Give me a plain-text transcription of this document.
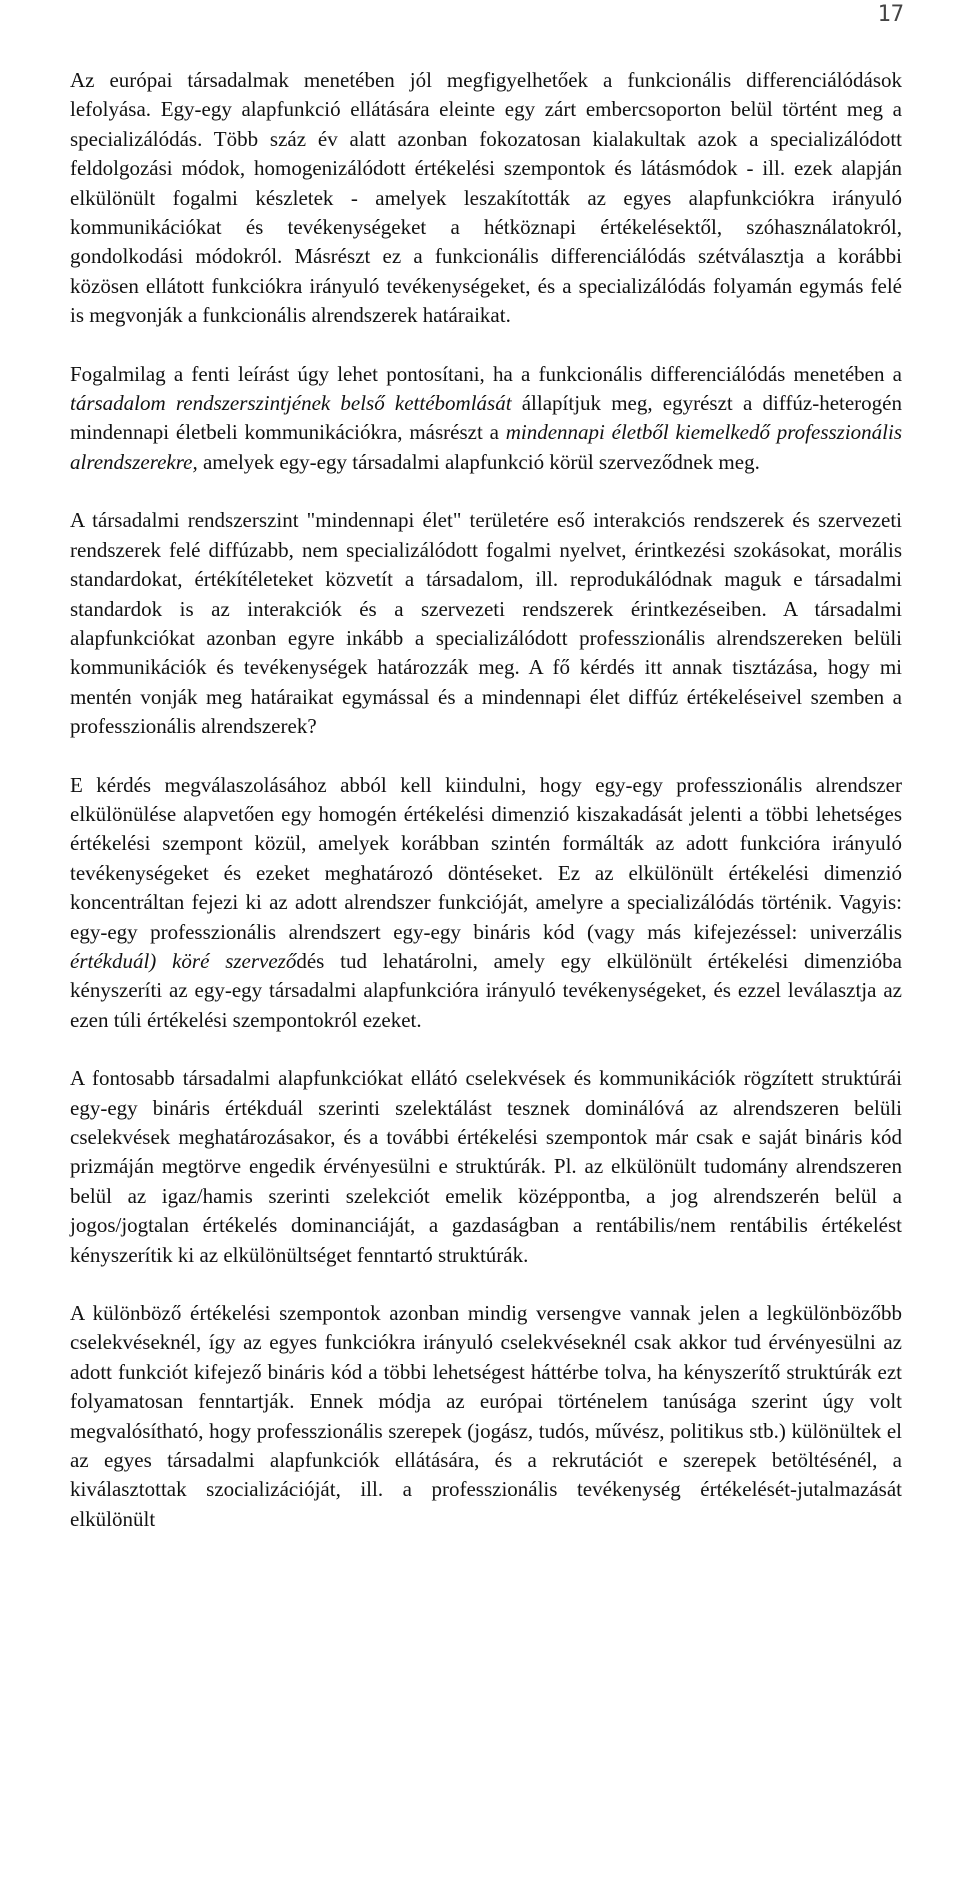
17

Az európai társadalmak menetében jól megfigyelhetőek a funkcionális differenciálódások lefolyása. Egy-egy alapfunkció ellátására eleinte egy zárt embercsoporton belül történt meg a specializálódás. Több száz év alatt azonban fokozatosan kialakultak azok a specializálódott feldolgozási módok, homogenizálódott értékelési szempontok és látásmódok - ill. ezek alapján elkülönült fogalmi készletek - amelyek leszakították az egyes alapfunkciókra irányuló kommunikációkat és tevékenységeket a hétköznapi értékelésektől, szóhasználatokról, gondolkodási módokról. Másrészt ez a funkcionális differenciálódás szétválasztja a korábbi közösen ellátott funkciókra irányuló tevékenységeket, és a specializálódás folyamán egymás felé is megvonják a funkcionális alrendszerek határaikat.

Fogalmilag a fenti leírást úgy lehet pontosítani, ha a funkcionális differenciálódás menetében a társadalom rendszerszintjének belső kettébomlását állapítjuk meg, egyrészt a diffúz-heterogén mindennapi életbeli kommunikációkra, másrészt a mindennapi életből kiemelkedő professzionális alrendszerekre, amelyek egy-egy társadalmi alapfunkció körül szerveződnek meg.

A társadalmi rendszerszint "mindennapi élet" területére eső interakciós rendszerek és szervezeti rendszerek felé diffúzabb, nem specializálódott fogalmi nyelvet, érintkezési szokásokat, morális standardokat, értékítéleteket közvetít a társadalom, ill. reprodukálódnak maguk e társadalmi standardok is az interakciók és a szervezeti rendszerek érintkezéseiben. A társadalmi alapfunkciókat azonban egyre inkább a specializálódott professzionális alrendszereken belüli kommunikációk és tevékenységek határozzák meg. A fő kérdés itt annak tisztázása, hogy mi mentén vonják meg határaikat egymással és a mindennapi élet diffúz értékeléseivel szemben a professzionális alrendszerek?

E kérdés megválaszolásához abból kell kiindulni, hogy egy-egy professzionális alrendszer elkülönülése alapvetően egy homogén értékelési dimenzió kiszakadását jelenti a többi lehetséges értékelési szempont közül, amelyek korábban szintén formálták az adott funkcióra irányuló tevékenységeket és ezeket meghatározó döntéseket. Ez az elkülönült értékelési dimenzió koncentráltan fejezi ki az adott alrendszer funkcióját, amelyre a specializálódás történik. Vagyis: egy-egy professzionális alrendszert egy-egy bináris kód (vagy más kifejezéssel: univerzális értékduál) köré szerveződés tud lehatárolni, amely egy elkülönült értékelési dimenzióba kényszeríti az egy-egy társadalmi alapfunkcióra irányuló tevékenységeket, és ezzel leválasztja az ezen túli értékelési szempontokról ezeket.

A fontosabb társadalmi alapfunkciókat ellátó cselekvések és kommunikációk rögzített struktúrái egy-egy bináris értékduál szerinti szelektálást tesznek dominálóvá az alrendszeren belüli cselekvések meghatározásakor, és a további értékelési szempontok már csak e saját bináris kód prizmáján megtörve engedik érvényesülni e struktúrák. Pl. az elkülönült tudomány alrendszeren belül az igaz/hamis szerinti szelekciót emelik középpontba, a jog alrendszerén belül a jogos/jogtalan értékelés dominanciáját, a gazdaságban a rentábilis/nem rentábilis értékelést kényszerítik ki az elkülönültséget fenntartó struktúrák.

A különböző értékelési szempontok azonban mindig versengve vannak jelen a legkülönbözőbb cselekvéseknél, így az egyes funkciókra irányuló cselekvéseknél csak akkor tud érvényesülni az adott funkciót kifejező bináris kód a többi lehetségest háttérbe tolva, ha kényszerítő struktúrák ezt folyamatosan fenntartják. Ennek módja az európai történelem tanúsága szerint úgy volt megvalósítható, hogy professzionális szerepek (jogász, tudós, művész, politikus stb.) különültek el az egyes társadalmi alapfunkciók ellátására, és a rekrutációt e szerepek betöltésénél, a kiválasztottak szocializációját, ill. a professzionális tevékenység értékelését-jutalmazását elkülönült
